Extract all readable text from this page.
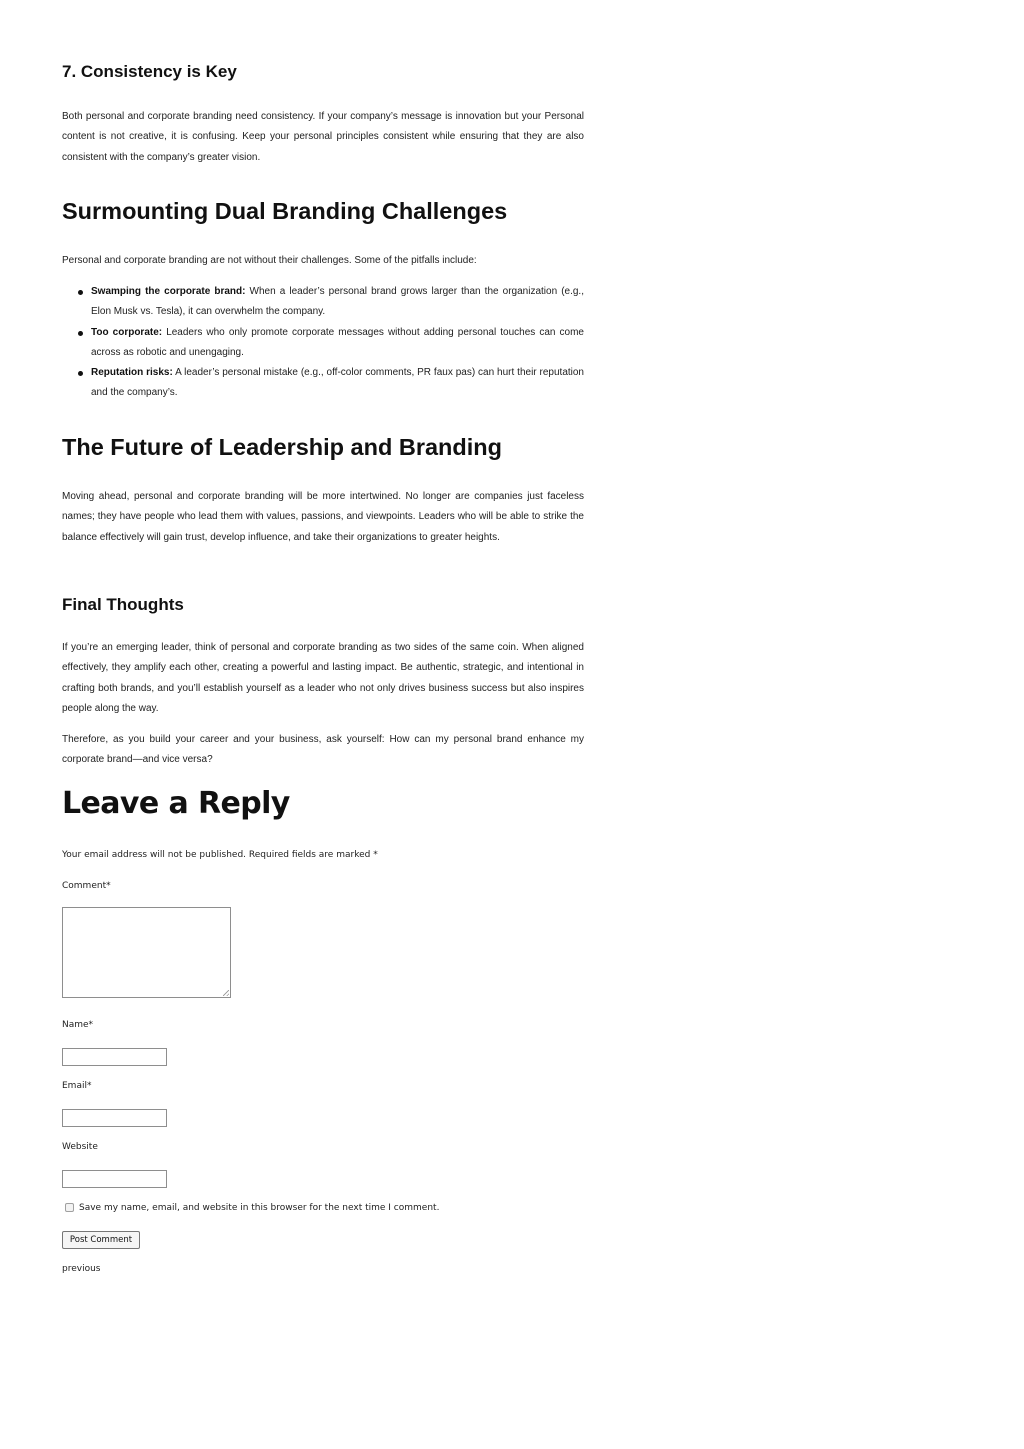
7. Consistency is Key

Both personal and corporate branding need consistency. If your company’s message is innovation but your Personal content is not creative, it is confusing. Keep your personal principles consistent while ensuring that they are also consistent with the company’s greater vision.

Surmounting Dual Branding Challenges

Personal and corporate branding are not without their challenges. Some of the pitfalls include:

Swamping the corporate brand: When a leader’s personal brand grows larger than the organization (e.g., Elon Musk vs. Tesla), it can overwhelm the company.
Too corporate: Leaders who only promote corporate messages without adding personal touches can come across as robotic and unengaging.
Reputation risks: A leader’s personal mistake (e.g., off-color comments, PR faux pas) can hurt their reputation and the company’s.
The Future of Leadership and Branding

Moving ahead, personal and corporate branding will be more intertwined. No longer are companies just faceless names; they have people who lead them with values, passions, and viewpoints. Leaders who will be able to strike the balance effectively will gain trust, develop influence, and take their organizations to greater heights.

Final Thoughts

If you’re an emerging leader, think of personal and corporate branding as two sides of the same coin. When aligned effectively, they amplify each other, creating a powerful and lasting impact. Be authentic, strategic, and intentional in crafting both brands, and you’ll establish yourself as a leader who not only drives business success but also inspires people along the way.

Therefore, as you build your career and your business, ask yourself: How can my personal brand enhance my corporate brand—and vice versa?

Leave a Reply
Your email address will not be published. Required fields are marked *
Comment*
Name*
Email*
Website
Save my name, email, and website in this browser for the next time I comment.
Post Comment
previous
